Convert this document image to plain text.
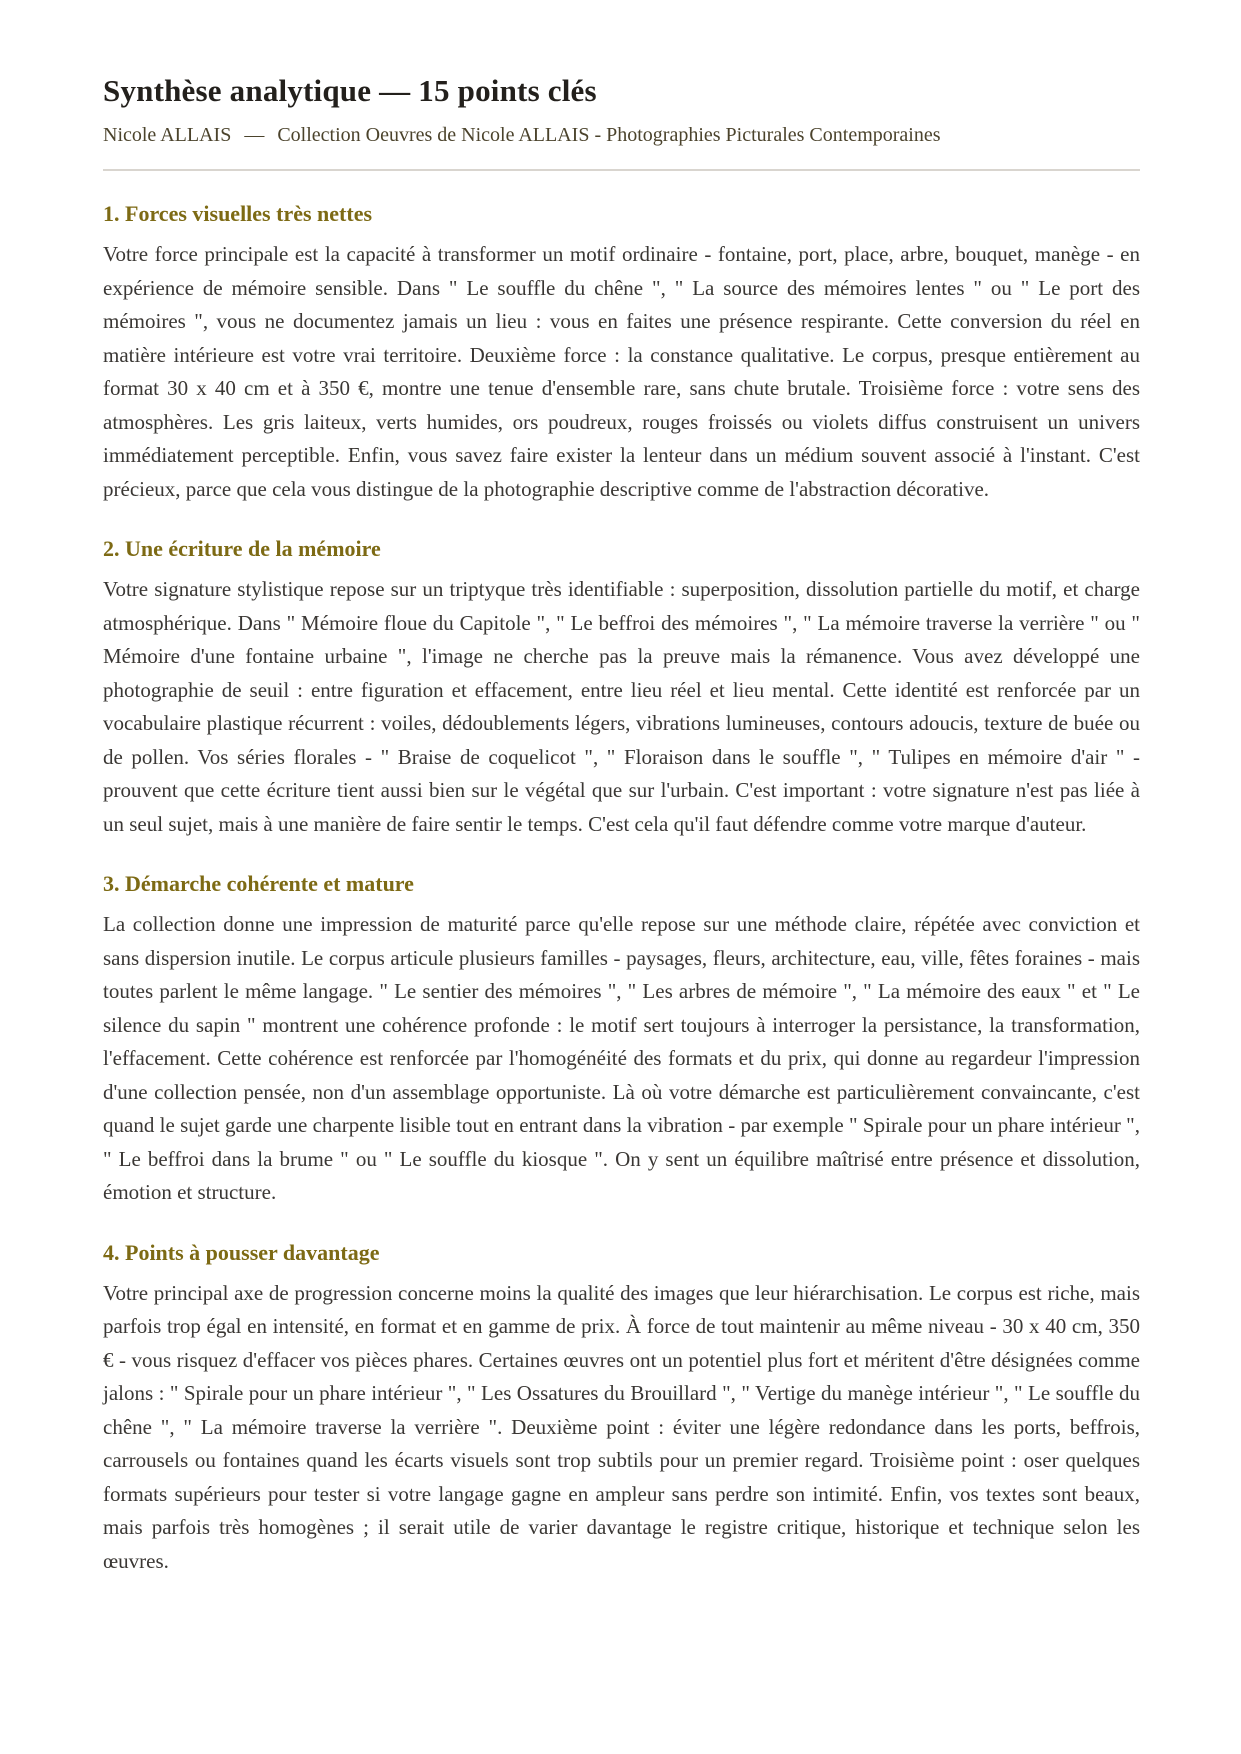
Synthèse analytique — 15 points clés

Nicole ALLAIS — Collection Oeuvres de Nicole ALLAIS - Photographies Picturales Contemporaines

1. Forces visuelles très nettes

Votre force principale est la capacité à transformer un motif ordinaire - fontaine, port, place, arbre, bouquet, manège - en expérience de mémoire sensible. Dans " Le souffle du chêne ", " La source des mémoires lentes " ou " Le port des mémoires ", vous ne documentez jamais un lieu : vous en faites une présence respirante. Cette conversion du réel en matière intérieure est votre vrai territoire. Deuxième force : la constance qualitative. Le corpus, presque entièrement au format 30 x 40 cm et à 350 €, montre une tenue d'ensemble rare, sans chute brutale. Troisième force : votre sens des atmosphères. Les gris laiteux, verts humides, ors poudreux, rouges froissés ou violets diffus construisent un univers immédiatement perceptible. Enfin, vous savez faire exister la lenteur dans un médium souvent associé à l'instant. C'est précieux, parce que cela vous distingue de la photographie descriptive comme de l'abstraction décorative.

2. Une écriture de la mémoire

Votre signature stylistique repose sur un triptyque très identifiable : superposition, dissolution partielle du motif, et charge atmosphérique. Dans " Mémoire floue du Capitole ", " Le beffroi des mémoires ", " La mémoire traverse la verrière " ou " Mémoire d'une fontaine urbaine ", l'image ne cherche pas la preuve mais la rémanence. Vous avez développé une photographie de seuil : entre figuration et effacement, entre lieu réel et lieu mental. Cette identité est renforcée par un vocabulaire plastique récurrent : voiles, dédoublements légers, vibrations lumineuses, contours adoucis, texture de buée ou de pollen. Vos séries florales - " Braise de coquelicot ", " Floraison dans le souffle ", " Tulipes en mémoire d'air " - prouvent que cette écriture tient aussi bien sur le végétal que sur l'urbain. C'est important : votre signature n'est pas liée à un seul sujet, mais à une manière de faire sentir le temps. C'est cela qu'il faut défendre comme votre marque d'auteur.

3. Démarche cohérente et mature

La collection donne une impression de maturité parce qu'elle repose sur une méthode claire, répétée avec conviction et sans dispersion inutile. Le corpus articule plusieurs familles - paysages, fleurs, architecture, eau, ville, fêtes foraines - mais toutes parlent le même langage. " Le sentier des mémoires ", " Les arbres de mémoire ", " La mémoire des eaux " et " Le silence du sapin " montrent une cohérence profonde : le motif sert toujours à interroger la persistance, la transformation, l'effacement. Cette cohérence est renforcée par l'homogénéité des formats et du prix, qui donne au regardeur l'impression d'une collection pensée, non d'un assemblage opportuniste. Là où votre démarche est particulièrement convaincante, c'est quand le sujet garde une charpente lisible tout en entrant dans la vibration - par exemple " Spirale pour un phare intérieur ", " Le beffroi dans la brume " ou " Le souffle du kiosque ". On y sent un équilibre maîtrisé entre présence et dissolution, émotion et structure.

4. Points à pousser davantage

Votre principal axe de progression concerne moins la qualité des images que leur hiérarchisation. Le corpus est riche, mais parfois trop égal en intensité, en format et en gamme de prix. À force de tout maintenir au même niveau - 30 x 40 cm, 350 € - vous risquez d'effacer vos pièces phares. Certaines œuvres ont un potentiel plus fort et méritent d'être désignées comme jalons : " Spirale pour un phare intérieur ", " Les Ossatures du Brouillard ", " Vertige du manège intérieur ", " Le souffle du chêne ", " La mémoire traverse la verrière ". Deuxième point : éviter une légère redondance dans les ports, beffrois, carrousels ou fontaines quand les écarts visuels sont trop subtils pour un premier regard. Troisième point : oser quelques formats supérieurs pour tester si votre langage gagne en ampleur sans perdre son intimité. Enfin, vos textes sont beaux, mais parfois très homogènes ; il serait utile de varier davantage le registre critique, historique et technique selon les œuvres.
